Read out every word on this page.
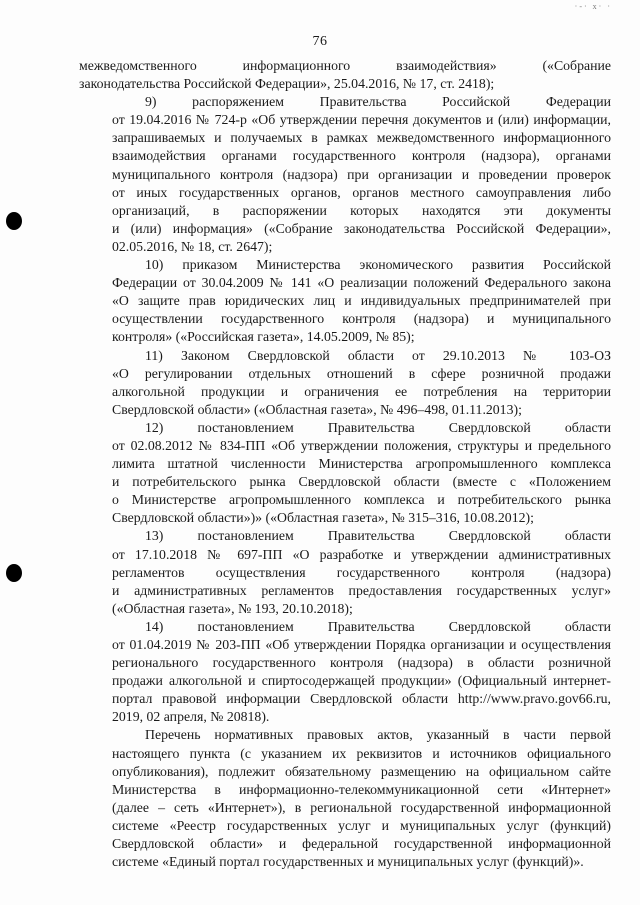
·-· x· ·
76
межведомственного информационного взаимодействия» («Собрание
законодательства Российской Федерации», 25.04.2016, № 17, ст. 2418);
9) распоряжением Правительства Российской Федерации
от 19.04.2016 № 724-р «Об утверждении перечня документов и (или) информации,
запрашиваемых и получаемых в рамках межведомственного информационного
взаимодействия органами государственного контроля (надзора), органами
муниципального контроля (надзора) при организации и проведении проверок
от иных государственных органов, органов местного самоуправления либо
организаций, в распоряжении которых находятся эти документы
и (или) информация» («Собрание законодательства Российской Федерации»,
02.05.2016, № 18, ст. 2647);
10) приказом Министерства экономического развития Российской
Федерации от 30.04.2009 № 141 «О реализации положений Федерального закона
«О защите прав юридических лиц и индивидуальных предпринимателей при
осуществлении государственного контроля (надзора) и муниципального
контроля» («Российская газета», 14.05.2009, № 85);
11) Законом Свердловской области от 29.10.2013 № 103-ОЗ
«О регулировании отдельных отношений в сфере розничной продажи
алкогольной продукции и ограничения ее потребления на территории
Свердловской области» («Областная газета», № 496–498, 01.11.2013);
12) постановлением Правительства Свердловской области
от 02.08.2012 № 834-ПП «Об утверждении положения, структуры и предельного
лимита штатной численности Министерства агропромышленного комплекса
и потребительского рынка Свердловской области (вместе с «Положением
о Министерстве агропромышленного комплекса и потребительского рынка
Свердловской области»)» («Областная газета», № 315–316, 10.08.2012);
13) постановлением Правительства Свердловской области
от 17.10.2018 № 697-ПП «О разработке и утверждении административных
регламентов осуществления государственного контроля (надзора)
и административных регламентов предоставления государственных услуг»
(«Областная газета», № 193, 20.10.2018);
14) постановлением Правительства Свердловской области
от 01.04.2019 № 203-ПП «Об утверждении Порядка организации и осуществления
регионального государственного контроля (надзора) в области розничной
продажи алкогольной и спиртосодержащей продукции» (Официальный интернет-
портал правовой информации Свердловской области http://www.pravo.gov66.ru,
2019, 02 апреля, № 20818).
Перечень нормативных правовых актов, указанный в части первой
настоящего пункта (с указанием их реквизитов и источников официального
опубликования), подлежит обязательному размещению на официальном сайте
Министерства в информационно-телекоммуникационной сети «Интернет»
(далее – сеть «Интернет»), в региональной государственной информационной
системе «Реестр государственных услуг и муниципальных услуг (функций)
Свердловской области» и федеральной государственной информационной
системе «Единый портал государственных и муниципальных услуг (функций)».
